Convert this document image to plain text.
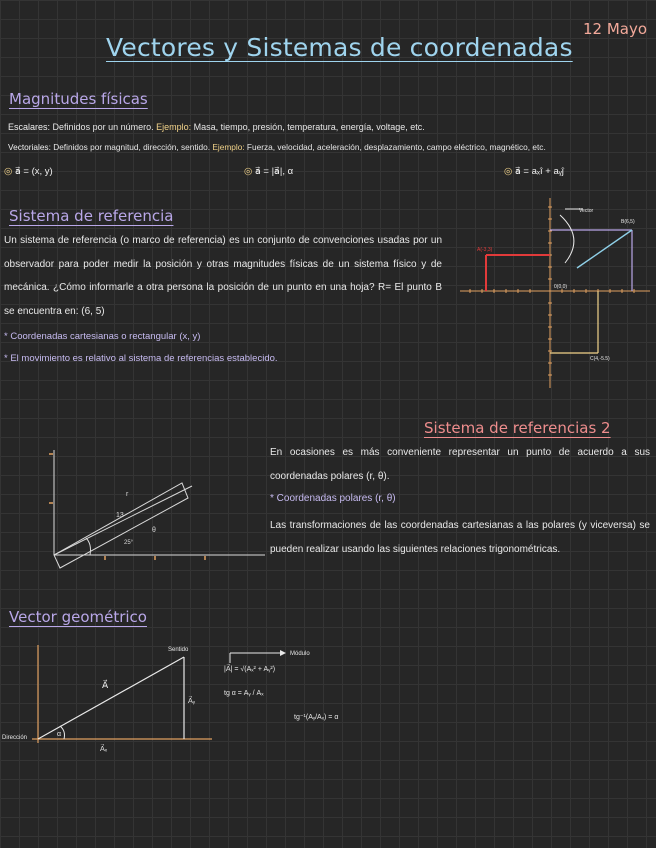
12 Mayo
Vectores y Sistemas de coordenadas
Magnitudes físicas
Escalares: Definidos por un número. Ejemplo: Masa, tiempo, presión, temperatura, energía, voltage, etc.
Vectoriales: Definidos por magnitud, dirección, sentido. Ejemplo: Fuerza, velocidad, aceleración, desplazamiento, campo eléctrico, magnético, etc.
◎ a⃗ = (x, y)	◎ a⃗ = |a⃗|, α	◎ a⃗ = aₓî + aᵧĵ
Sistema de referencia
Un sistema de referencia (o marco de referencia) es un conjunto de convenciones usadas por un observador para poder medir la posición y otras magnitudes físicas de un sistema físico y de mecánica. ¿Cómo informarle a otra persona la posición de un punto en una hoja? R= El punto B se encuentra en: (6, 5)
* Coordenadas cartesianas o rectangular (x, y)
* El movimiento es relativo al sistema de referencias establecido.
Vector
B(6,5)
A(-3,3)
0(0,0)
C(4,-5.5)
Sistema de referencias 2
En ocasiones es más conveniente representar un punto de acuerdo a sus coordenadas polares (r, θ).
* Coordenadas polares (r, θ)
Las transformaciones de las coordenadas cartesianas a las polares (y viceversa) se pueden realizar usando las siguientes relaciones trigonométricas.
13
r
θ
25°
Vector geométrico
Sentido
Dirección
A⃗
α
A⃗ᵧ
A⃗ₓ
Módulo
|A⃗| = √(Aₓ² + Aᵧ²)
tg α = Aᵧ / Aₓ
tg⁻¹(Aᵧ/Aₓ) = α
